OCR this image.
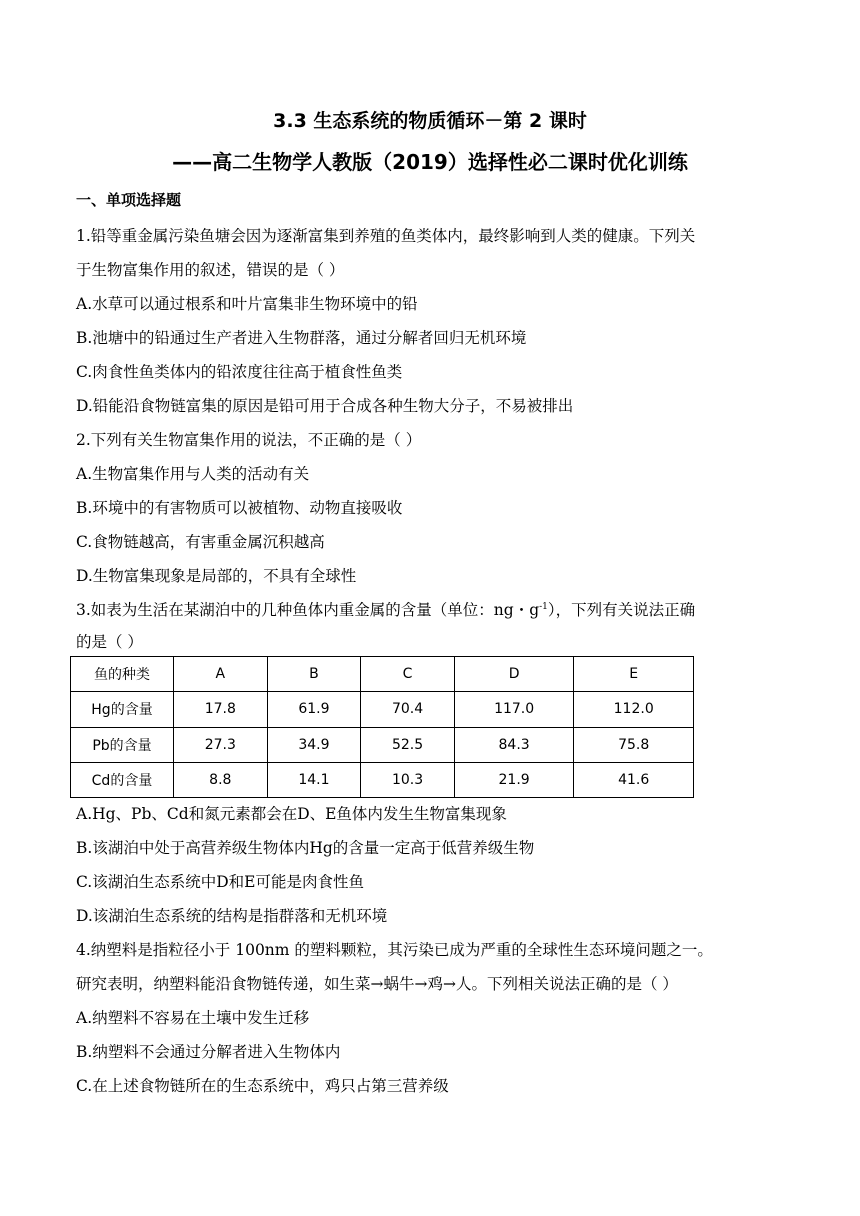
3.3 生态系统的物质循环－第 2 课时
——高二生物学人教版（2019）选择性必二课时优化训练
一、单项选择题
1.铅等重金属污染鱼塘会因为逐渐富集到养殖的鱼类体内，最终影响到人类的健康。下列关
于生物富集作用的叙述，错误的是（ ）
A.水草可以通过根系和叶片富集非生物环境中的铅
B.池塘中的铅通过生产者进入生物群落，通过分解者回归无机环境
C.肉食性鱼类体内的铅浓度往往高于植食性鱼类
D.铅能沿食物链富集的原因是铅可用于合成各种生物大分子，不易被排出
2.下列有关生物富集作用的说法，不正确的是（ ）
A.生物富集作用与人类的活动有关
B.环境中的有害物质可以被植物、动物直接吸收
C.食物链越高，有害重金属沉积越高
D.生物富集现象是局部的，不具有全球性
3.如表为生活在某湖泊中的几种鱼体内重金属的含量（单位：ng・$g^{-1}$），下列有关说法正确
的是（ ）
鱼的种类	A	B	C	D	E
Hg的含量	17.8	61.9	70.4	117.0	112.0
Pb的含量	27.3	34.9	52.5	84.3	75.8
Cd的含量	8.8	14.1	10.3	21.9	41.6
A.Hg、Pb、Cd和氮元素都会在D、E鱼体内发生生物富集现象
B.该湖泊中处于高营养级生物体内Hg的含量一定高于低营养级生物
C.该湖泊生态系统中D和E可能是肉食性鱼
D.该湖泊生态系统的结构是指群落和无机环境
4.纳塑料是指粒径小于 100nm 的塑料颗粒，其污染已成为严重的全球性生态环境问题之一。
研究表明，纳塑料能沿食物链传递，如生菜→蜗牛→鸡→人。下列相关说法正确的是（ ）
A.纳塑料不容易在土壤中发生迁移
B.纳塑料不会通过分解者进入生物体内
C.在上述食物链所在的生态系统中，鸡只占第三营养级
